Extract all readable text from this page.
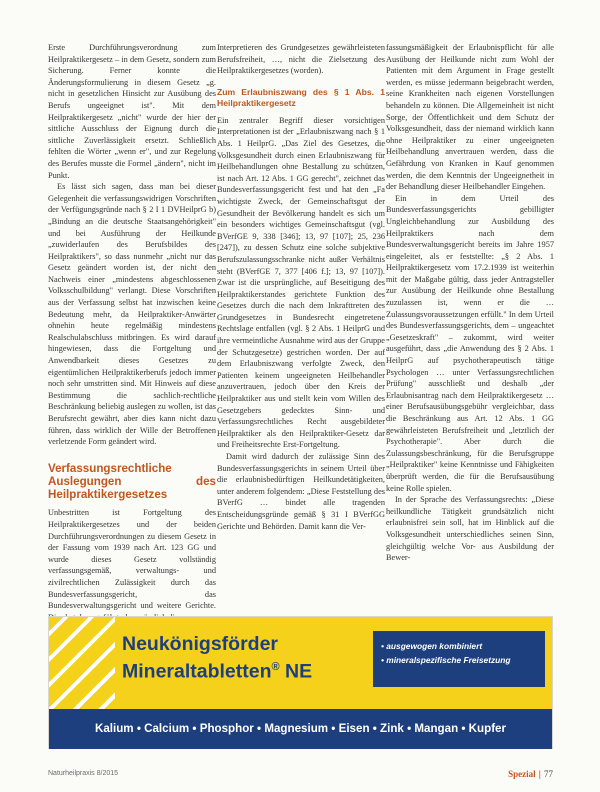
Erste Durchführungsverordnung zum Heilpraktikergesetz – in dem Gesetz, sondern zum Sicherung. Ferner konnte die Änderungsformulierung in diesem Gesetz „g. nicht in gesetzlichen Hinsicht zur Ausübung des Berufs ungeeignet ist". Mit dem Heilpraktikergesetz „nicht" wurde der hier der sittliche Ausschluss der Eignung durch die sittliche Zuverlässigkeit ersetzt. Schließlich fehlten die Wörter „wenn er", und zur Regelung des Berufes musste die Formel „ändern", nicht im Punkt.

Es lässt sich sagen, dass man bei dieser Gelegenheit die verfassungswidrigen Vorschriften der Verfügungsgründe nach § 2 I 1 DVHeilprG b) „Bindung an die deutsche Staatsangehörigkeit" und bei Ausführung der Heilkunde „zuwiderlaufen des Berufsbildes des Heilpraktikers", so dass nunmehr „nicht nur das Gesetz geändert worden ist, der nicht den Nachweis einer „mindestens abgeschlossenen Volksschulbildung" verlangt. Diese Vorschriften aus der Verfassung selbst hat inzwischen keine Bedeutung mehr, da Heilpraktiker-Anwärter ohnehin heute regelmäßig mindestens Realschulabschluss mitbringen. Es wird darauf hingewiesen, dass die Fortgeltung und Anwendbarkeit dieses Gesetzes zu eigentümlichen Heilpraktikerberufs jedoch immer noch sehr umstritten sind. Mit Hinweis auf diese Bestimmung die sachlich-rechtliche Beschränkung beliebig auslegen zu wollen, ist das Berufsrecht gewährt, aber dies kann nicht dazu führen, dass wirklich der Wille der Betroffenen verletzende Form geändert wird.

Verfassungsrechtliche Auslegungen des Heilpraktikergesetzes

Unbestritten ist Fortgeltung des Heilpraktikergesetzes und der beiden Durchführungsverordnungen zu diesem Gesetz in der Fassung vom 1939 nach Art. 123 GG und wurde dieses Gesetz vollständig verfassungsgemäß, verwaltungs- und zivilrechtlichen Zulässigkeit durch das Bundesverfassungsgericht, das Bundesverwaltungsgericht und weitere Gerichte.

Interpretieren des Grundgesetzes gewährleisteten Berufsfreiheit, …, nicht die Zielsetzung des Heilpraktikergesetzes (worden).

Zum Erlaubniszwang des § 1 Abs. 1 Heilpraktikergesetz

Ein zentraler Begriff dieser vorsichtigen Interpretationen ist der „Erlaubniszwang nach § 1 Abs. 1 HeilprG. „Das Ziel des Gesetzes, die Volksgesundheit durch einen Erlaubniszwang für Heilbehandlungen ohne Bestallung zu schützen, ist nach Art. 12 Abs. 1 GG gerecht", zeichnet das Bundesverfassungsgericht fest und hat den „Fa wichtigste Zweck, der Gemeinschaftsgut der Gesundheit der Bevölkerung handelt es sich um ein besonders wichtiges Gemeinschaftsgut (vgl. BVerfGE 9, 338 [346]; 13, 97 [107]; 25, 236 [247]), zu dessen Schutz eine solche subjektive Berufszulassungsschranke nicht außer Verhältnis steht (BVerfGE 7, 377 [406 f.]; 13, 97 [107]). Zwar ist die ursprüngliche, auf Beseitigung des Heilpraktikerstandes gerichtete Funktion des Gesetzes durch die nach dem Inkrafttreten des Grundgesetzes in Bundesrecht eingetretene Rechtslage entfallen (vgl. § 2 Abs. 1 HeilprG und ihre vermeintliche Ausnahme wird aus der Gruppe der Schutzgesetze) gestrichen worden. Der auf dem Erlaubniszwang verfolgte Zweck, den Patienten keinem ungeeigneten Heilbehandler anzuvertrauen, jedoch über den Kreis der Heilpraktiker aus und stellt kein vom Willen des Gesetzgebers gedecktes Sinn- und Verfassungsrechtliches Recht ausgebildeter Heilpraktiker als den Heilpraktiker-Gesetz dar und Freiheitsrechte Erst-Fortgeltung.

Damit wird dadurch der zulässige Sinn des Bundesverfassungsgerichts in seinem Urteil über die erlaubnisbedürftigen Heilkundetätigkeiten, unter anderem folgendem: „Diese Feststellung des BVerfG … bindet alle tragenden Entscheidungsgründe gemäß § 31 I BVerfGG Gerichte und Behörden. Damit kann die Ver-

fassungsmäßigkeit der Erlaubnispflicht für alle Ausübung der Heilkunde nicht zum Wohl der Patienten mit dem Argument in Frage gestellt werden, es müsse jedermann beigebracht werden, seine Krankheiten nach eigenen Vorstellungen behandeln zu können. Die Allgemeinheit ist nicht Sorge, der Öffentlichkeit und dem Schutz der Volksgesundheit, dass der niemand wirklich kann ohne Heilpraktiker zu einer ungeeigneten Heilbehandlung anvertrauen werden, dass die Gefährdung von Kranken in Kauf genommen werden, die dem Kenntnis der Ungeeignetheit in der Behandlung dieser Heilbehandler Eingehen.

Ein in dem Urteil des Bundesverfassungsgerichts gebilligter Ungleichbehandlung zur Ausbildung des Heilpraktikers nach dem Bundesverwaltungsgericht bereits im Jahre 1957 eingeleitet, als er feststellte: „§ 2 Abs. 1 Heilpraktikergesetz vom 17.2.1939 ist weiterhin mit der Maßgabe gültig, dass jeder Antragsteller zur Ausübung der Heilkunde ohne Bestallung zuzulassen ist, wenn er die … Zulassungsvoraussetzungen erfüllt." In dem Urteil des Bundesverfassungsgerichts, dem – ungeachtet „Gesetzeskraft" – zukommt, wird weiter ausgeführt, dass „die Anwendung des § 2 Abs. 1 HeilprG auf psychotherapeutisch tätige Psychologen … unter Verfassungsrechtlichen Prüfung" ausschließt und deshalb „der Erlaubnisantrag nach dem Heilpraktikergesetz … einer Berufsausübungsgebühr vergleichbar, dass die Beschränkung aus Art. 12 Abs. 1 GG gewährleisteten Berufsfreiheit und „letztlich der Psychotherapie". Aber durch die Zulassungsbeschränkung, für die Berufsgruppe „Heilpraktiker" keine Kenntnisse und Fähigkeiten überprüft werden, die für die Berufsausübung keine Rolle spielen.

In der Sprache des Verfassungsrechts: „Diese heilkundliche Tätigkeit grundsätzlich nicht erlaubnisfrei sein soll, hat im Hinblick auf die Volksgesundheit unterschiedliches seinen Sinn, gleichgültig welche Vor- aus Ausbildung der Bewer-

Neukönigsförder
Mineraltabletten® NE
• ausgewogen kombiniert
• mineralspezifische Freisetzung
Kalium • Calcium • Phosphor • Magnesium • Eisen • Zink • Mangan • Kupfer
Naturheilpraxis 8/2015	Spezial | 77
